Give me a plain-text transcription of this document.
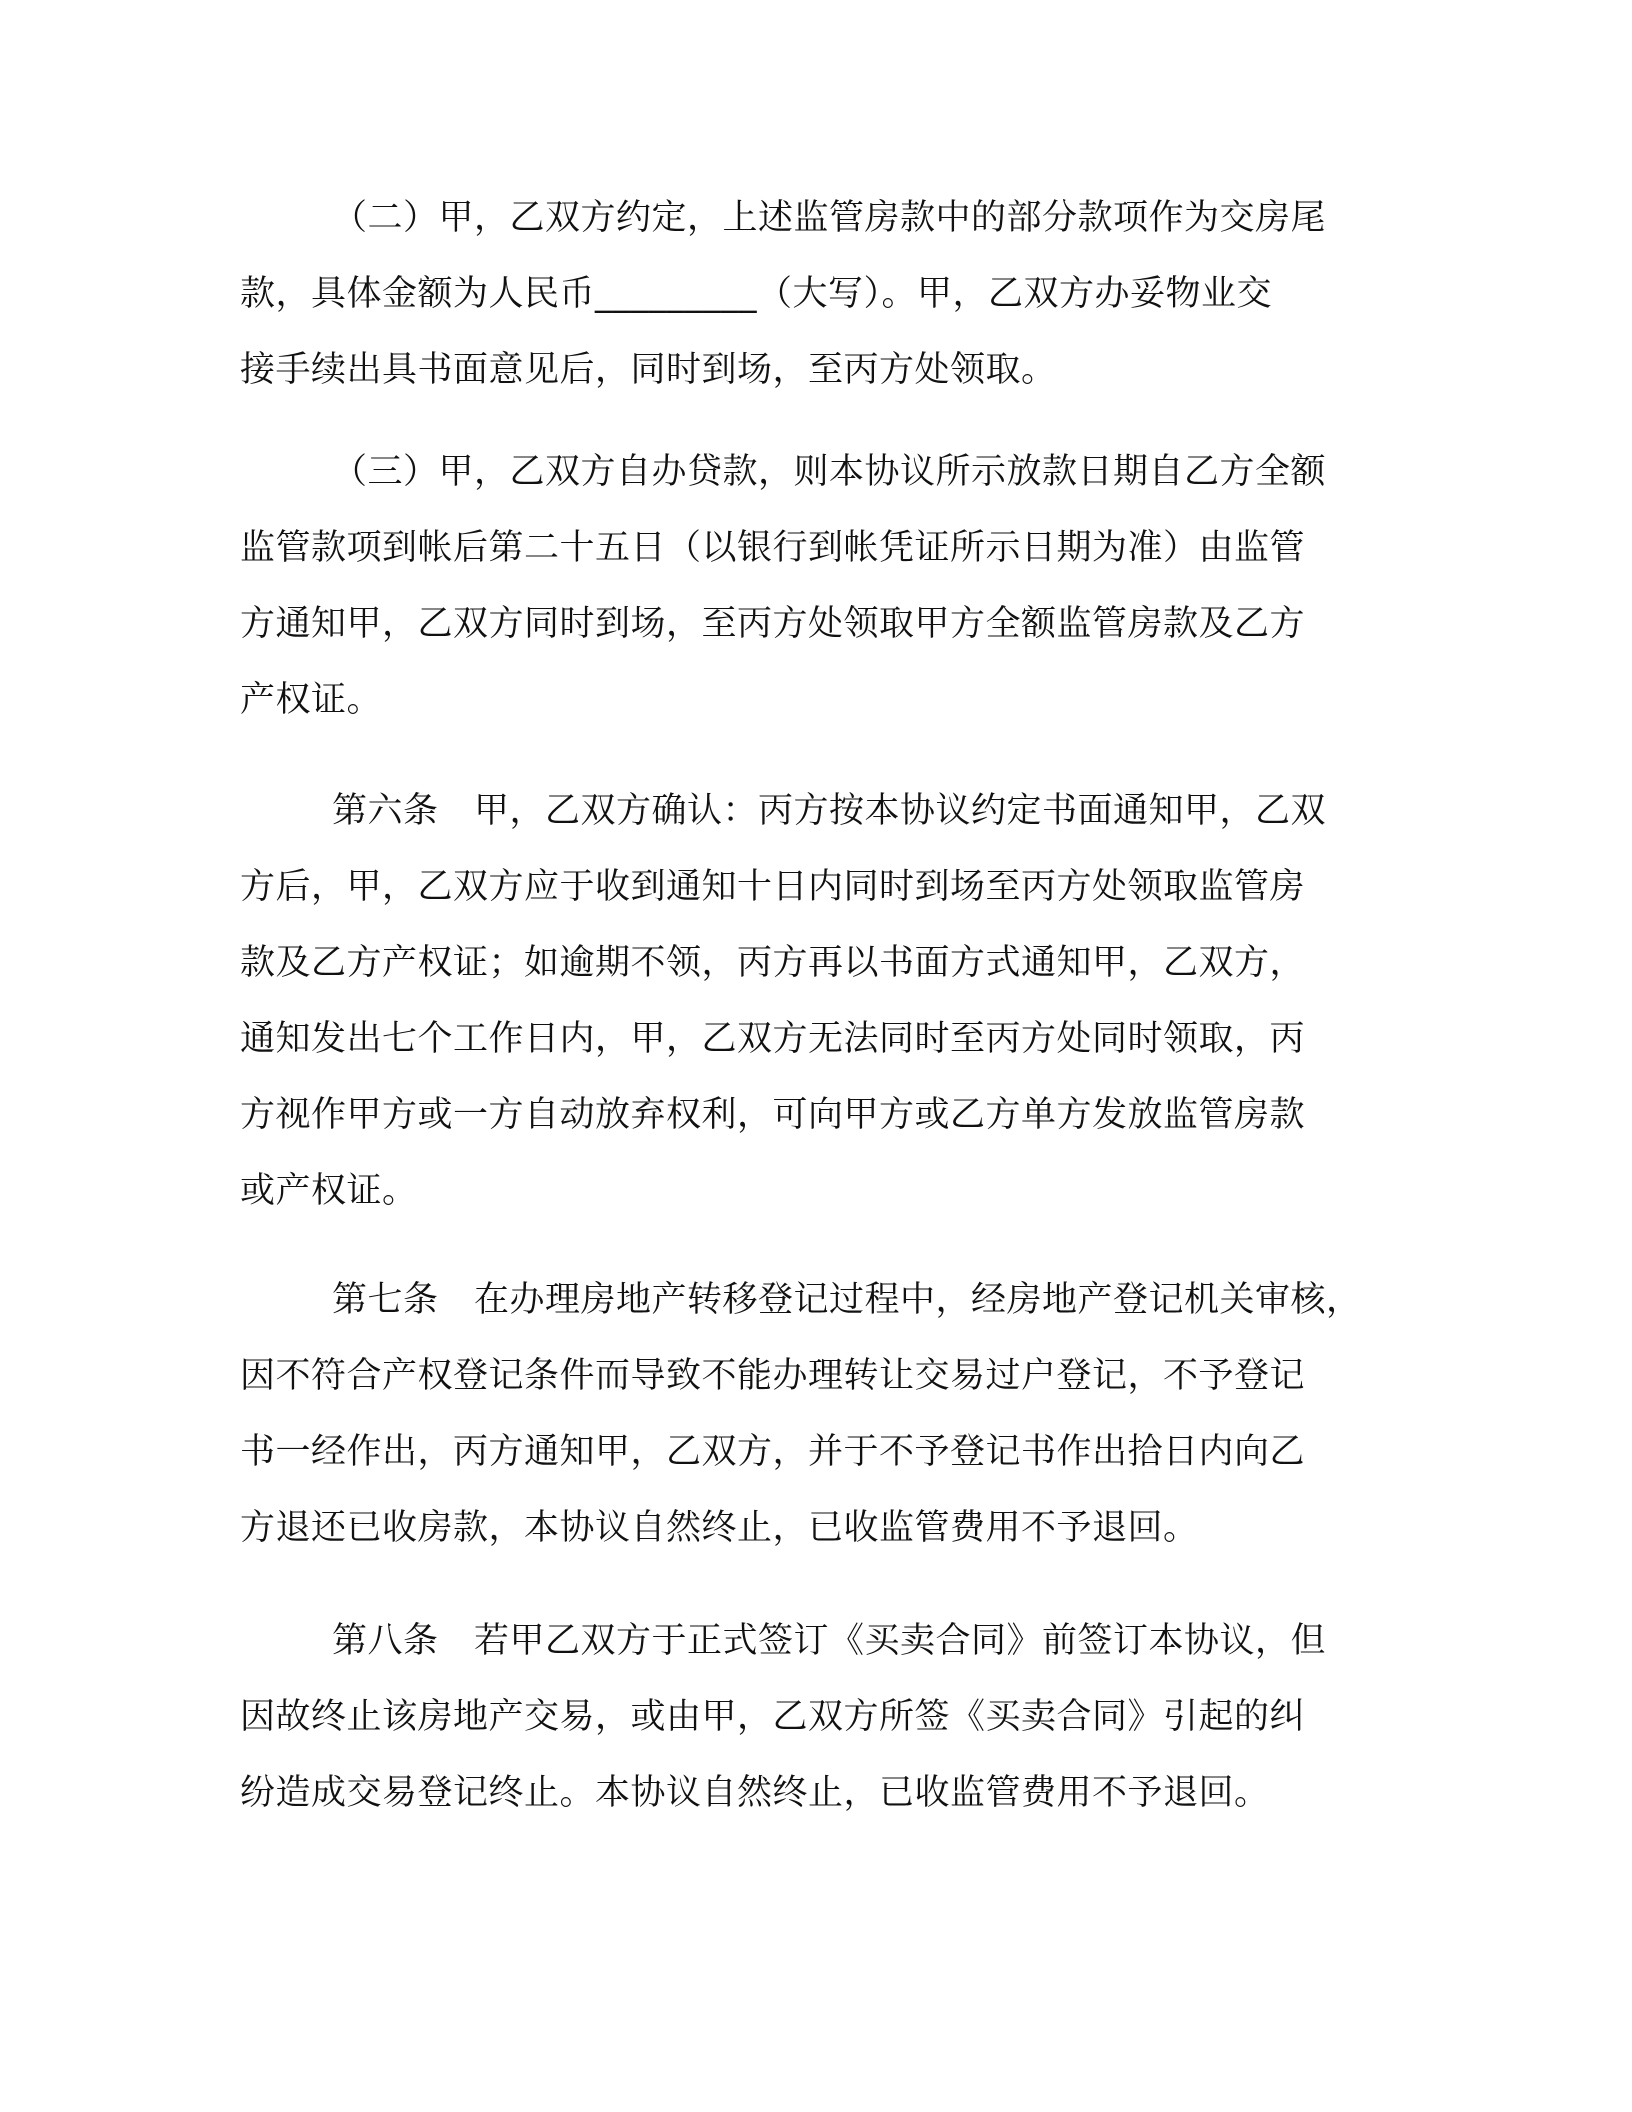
（二）甲，乙双方约定，上述监管房款中的部分款项作为交房尾
款，具体金额为人民币_________（大写）。甲，乙双方办妥物业交
接手续出具书面意见后，同时到场，至丙方处领取。
（三）甲，乙双方自办贷款，则本协议所示放款日期自乙方全额
监管款项到帐后第二十五日（以银行到帐凭证所示日期为准）由监管
方通知甲，乙双方同时到场，至丙方处领取甲方全额监管房款及乙方
产权证。
第六条　甲，乙双方确认：丙方按本协议约定书面通知甲，乙双
方后，甲，乙双方应于收到通知十日内同时到场至丙方处领取监管房
款及乙方产权证；如逾期不领，丙方再以书面方式通知甲，乙双方，
通知发出七个工作日内，甲，乙双方无法同时至丙方处同时领取，丙
方视作甲方或一方自动放弃权利，可向甲方或乙方单方发放监管房款
或产权证。
第七条　在办理房地产转移登记过程中，经房地产登记机关审核，
因不符合产权登记条件而导致不能办理转让交易过户登记，不予登记
书一经作出，丙方通知甲，乙双方，并于不予登记书作出拾日内向乙
方退还已收房款，本协议自然终止，已收监管费用不予退回。
第八条　若甲乙双方于正式签订《买卖合同》前签订本协议，但
因故终止该房地产交易，或由甲，乙双方所签《买卖合同》引起的纠
纷造成交易登记终止。本协议自然终止，已收监管费用不予退回。
